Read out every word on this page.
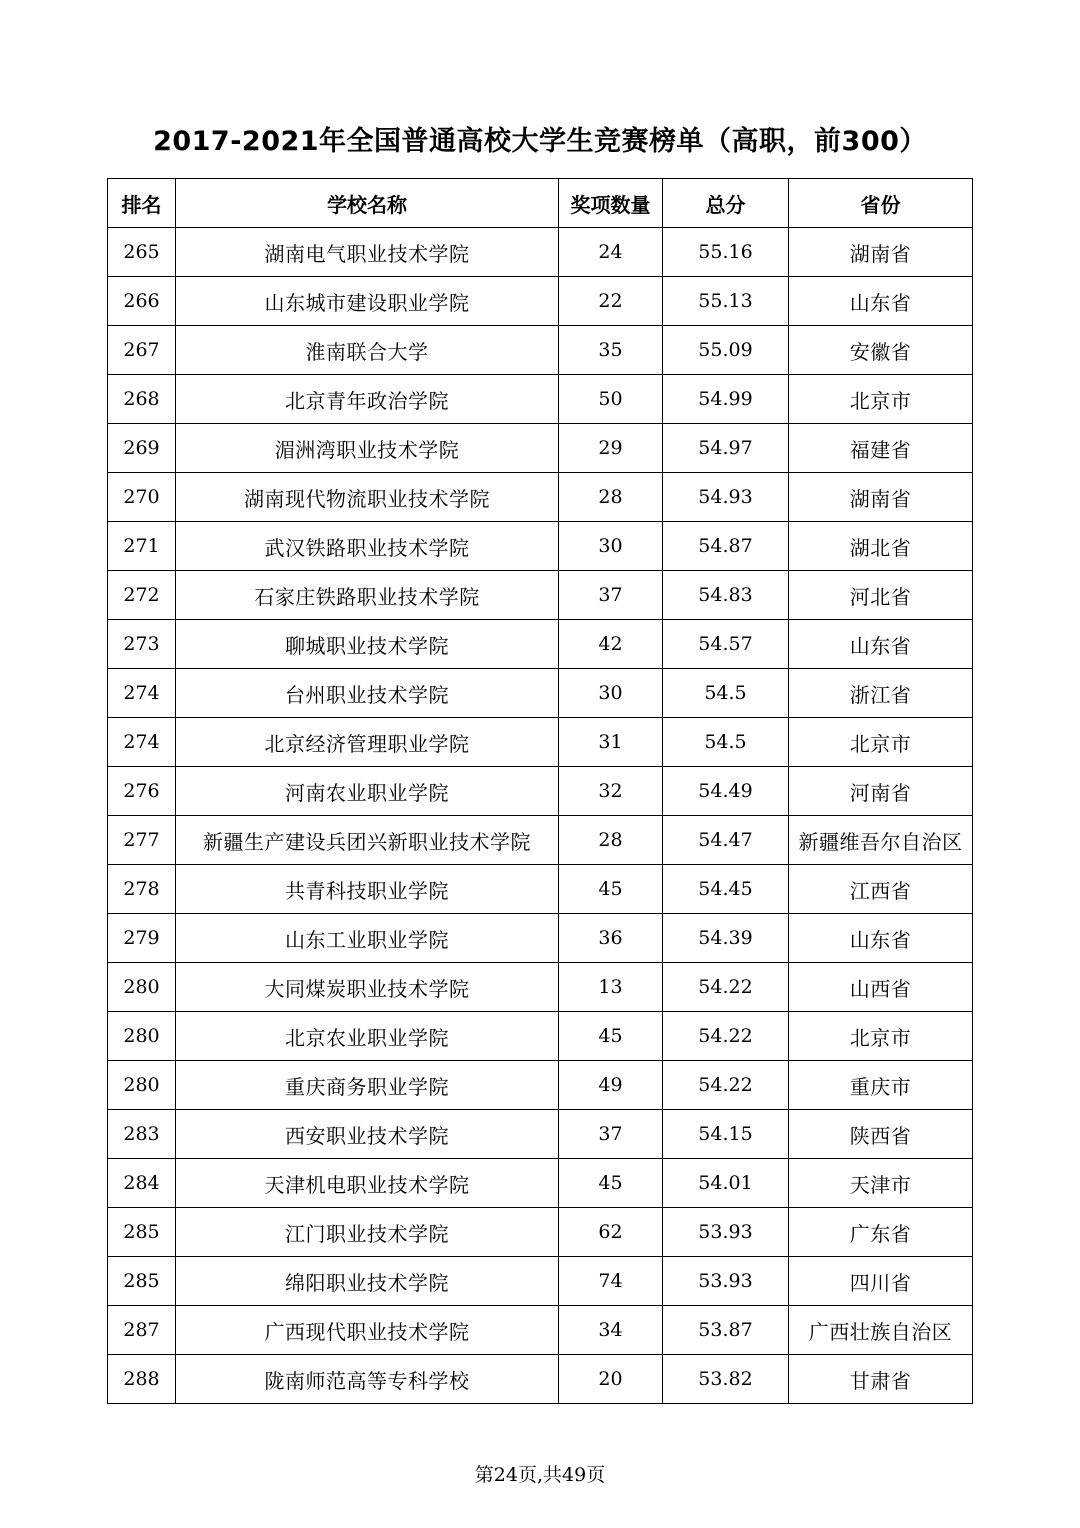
2017-2021年全国普通高校大学生竞赛榜单（高职，前300）
排名	学校名称	奖项数量	总分	省份
265	湖南电气职业技术学院	24	55.16	湖南省
266	山东城市建设职业学院	22	55.13	山东省
267	淮南联合大学	35	55.09	安徽省
268	北京青年政治学院	50	54.99	北京市
269	湄洲湾职业技术学院	29	54.97	福建省
270	湖南现代物流职业技术学院	28	54.93	湖南省
271	武汉铁路职业技术学院	30	54.87	湖北省
272	石家庄铁路职业技术学院	37	54.83	河北省
273	聊城职业技术学院	42	54.57	山东省
274	台州职业技术学院	30	54.5	浙江省
274	北京经济管理职业学院	31	54.5	北京市
276	河南农业职业学院	32	54.49	河南省
277	新疆生产建设兵团兴新职业技术学院	28	54.47	新疆维吾尔自治区
278	共青科技职业学院	45	54.45	江西省
279	山东工业职业学院	36	54.39	山东省
280	大同煤炭职业技术学院	13	54.22	山西省
280	北京农业职业学院	45	54.22	北京市
280	重庆商务职业学院	49	54.22	重庆市
283	西安职业技术学院	37	54.15	陕西省
284	天津机电职业技术学院	45	54.01	天津市
285	江门职业技术学院	62	53.93	广东省
285	绵阳职业技术学院	74	53.93	四川省
287	广西现代职业技术学院	34	53.87	广西壮族自治区
288	陇南师范高等专科学校	20	53.82	甘肃省
第24页,共49页
